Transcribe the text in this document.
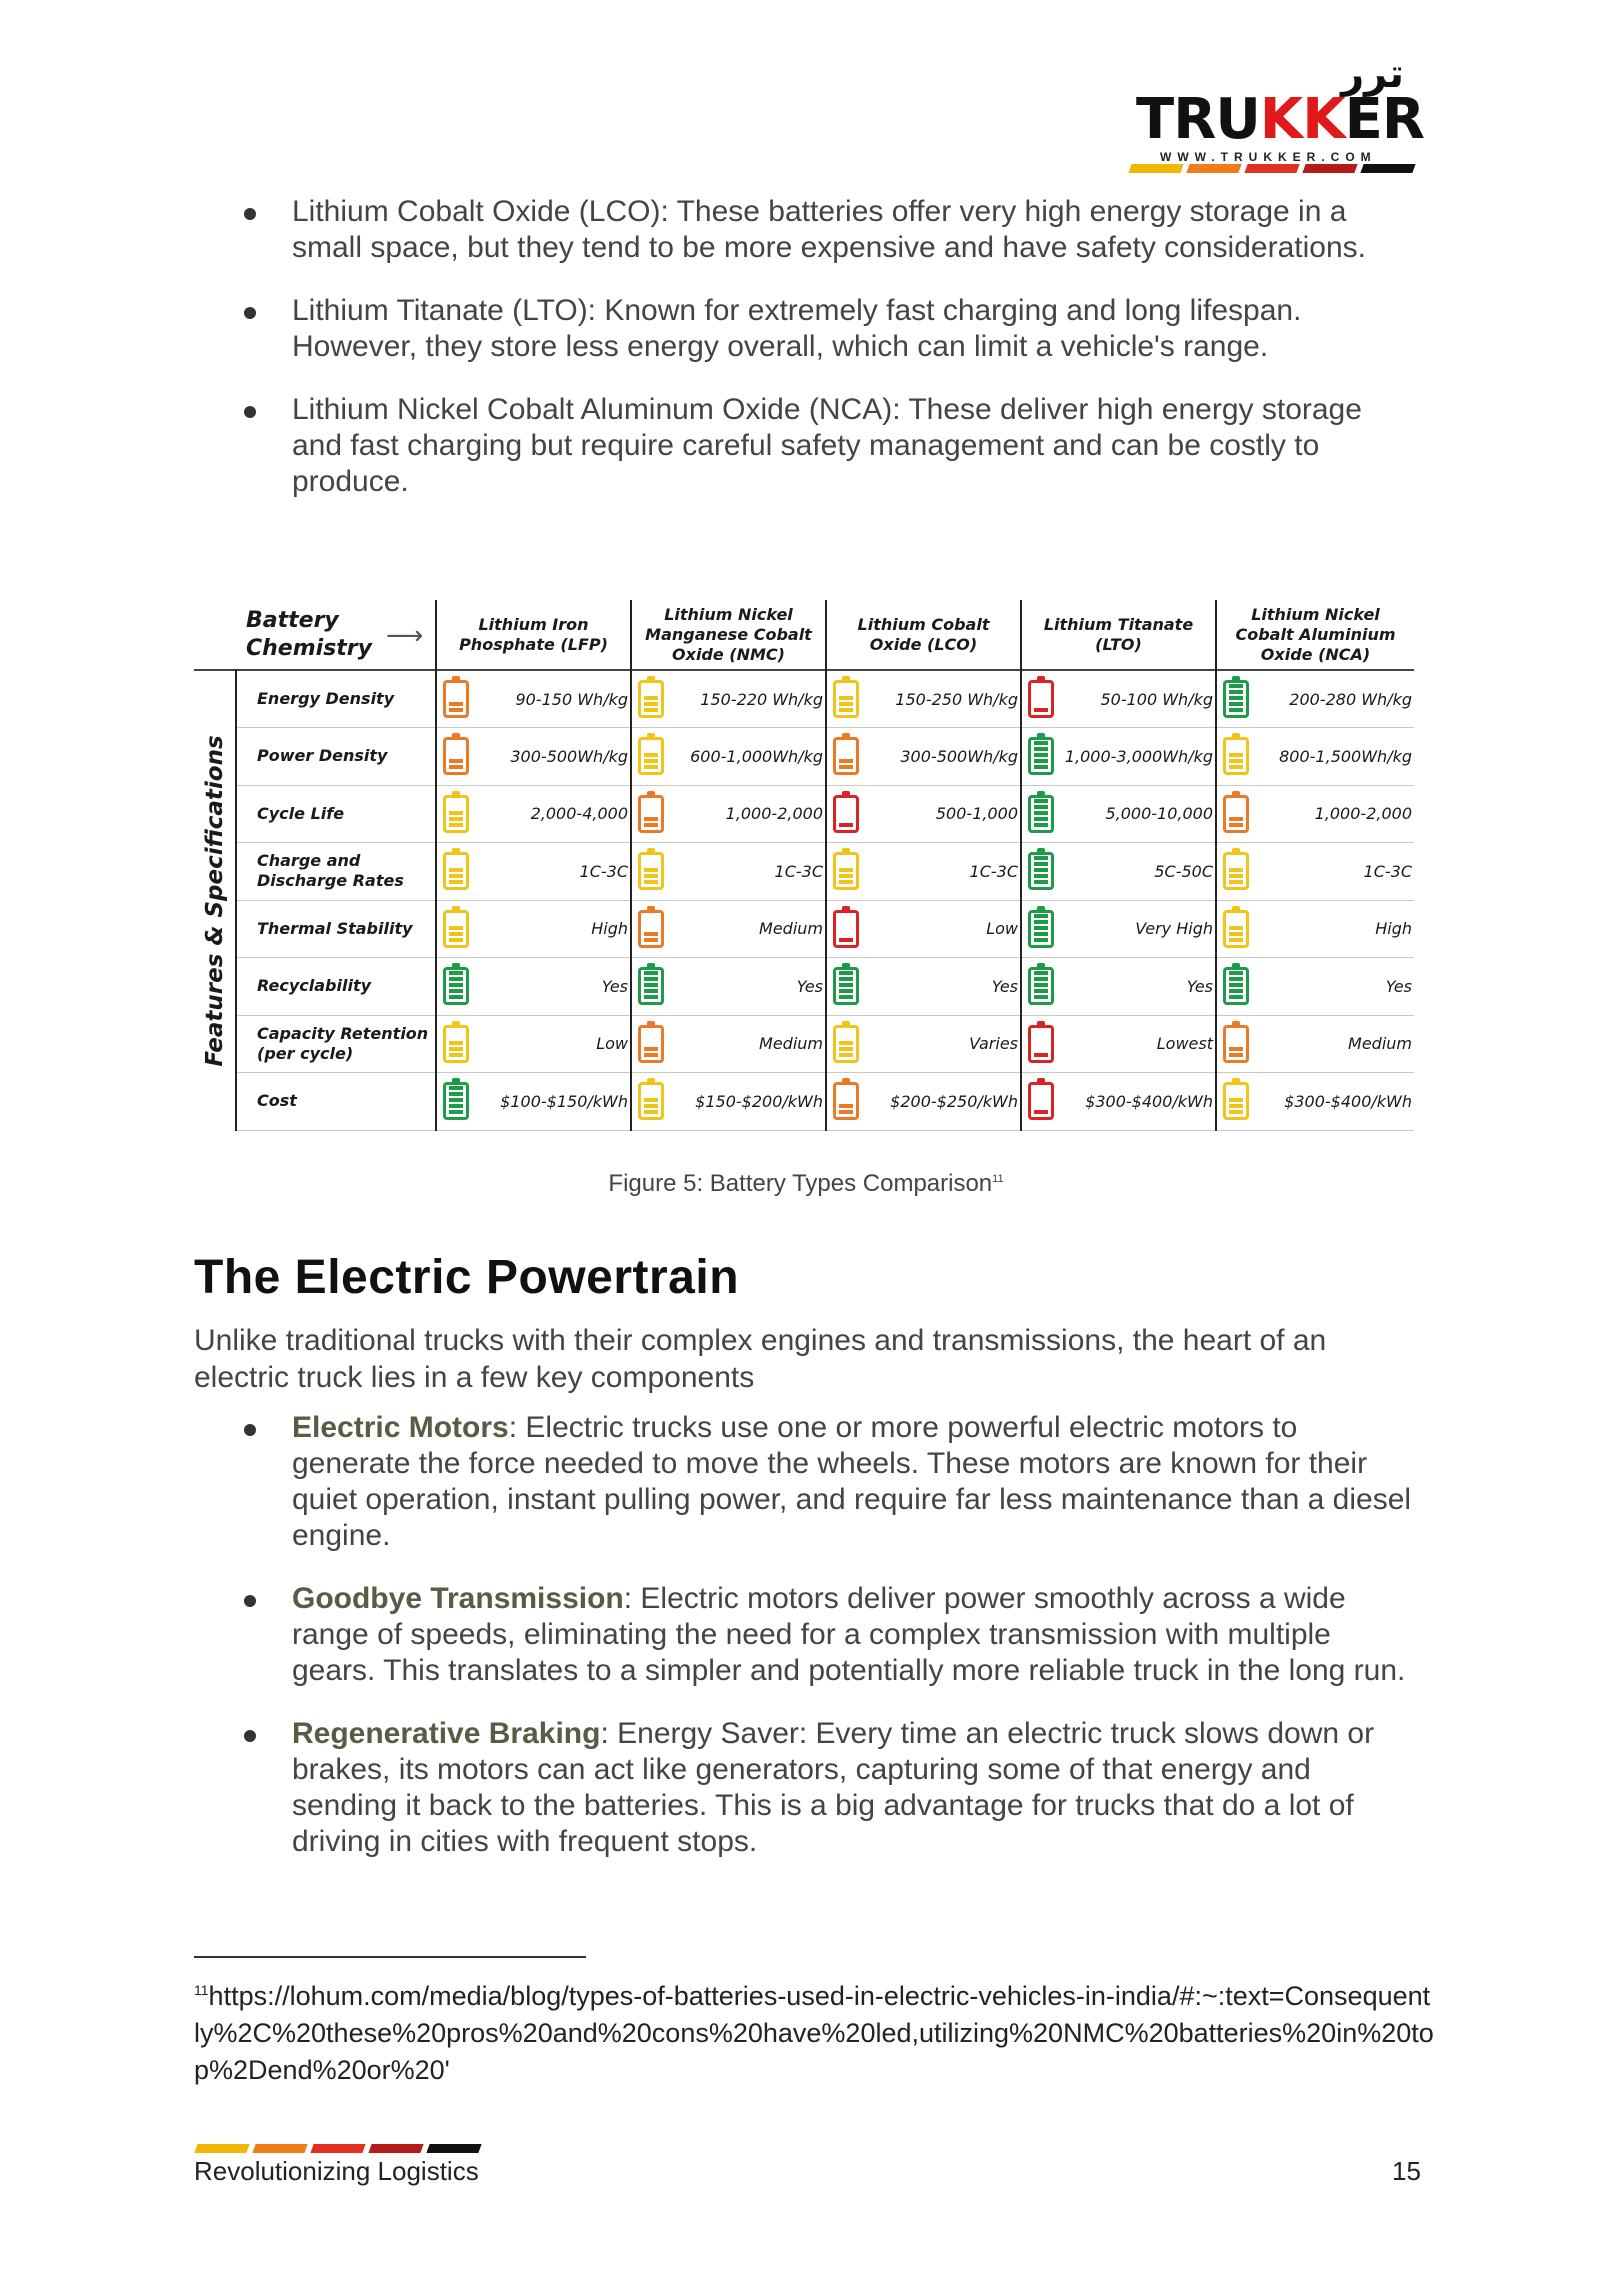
ترر
TRUKKER
WWW.TRUKKER.COM
Lithium Cobalt Oxide (LCO): These batteries offer very high energy storage in a small space, but they tend to be more expensive and have safety considerations.
Lithium Titanate (LTO): Known for extremely fast charging and long lifespan. However, they store less energy overall, which can limit a vehicle's range.
Lithium Nickel Cobalt Aluminum Oxide (NCA): These deliver high energy storage and fast charging but require careful safety management and can be costly to produce.
Battery
Chemistry ⟶		Lithium Iron Phosphate (LFP)	Lithium Nickel Manganese Cobalt Oxide (NMC)	Lithium Cobalt Oxide (LCO)	Lithium Titanate (LTO)	Lithium Nickel Cobalt Aluminium Oxide (NCA)

Features & Specifications	Energy Density	90-150 Wh/kg	150-220 Wh/kg	150-250 Wh/kg	50-100 Wh/kg	200-280 Wh/kg

	Power Density	300-500Wh/kg	600-1,000Wh/kg	300-500Wh/kg	1,000-3,000Wh/kg	800-1,500Wh/kg

	Cycle Life	2,000-4,000	1,000-2,000	500-1,000	5,000-10,000	1,000-2,000

	Charge and Discharge Rates	1C-3C	1C-3C	1C-3C	5C-50C	1C-3C

	Thermal Stability	High	Medium	Low	Very High	High

	Recyclability	Yes	Yes	Yes	Yes	Yes

	Capacity Retention (per cycle)	Low	Medium	Varies	Lowest	Medium

	Cost	$100-$150/kWh	$150-$200/kWh	$200-$250/kWh	$300-$400/kWh	$300-$400/kWh
Figure 5: Battery Types Comparison$^{11}$
The Electric Powertrain
Unlike traditional trucks with their complex engines and transmissions, the heart of an electric truck lies in a few key components
Electric Motors: Electric trucks use one or more powerful electric motors to generate the force needed to move the wheels. These motors are known for their quiet operation, instant pulling power, and require far less maintenance than a diesel engine.
Goodbye Transmission: Electric motors deliver power smoothly across a wide range of speeds, eliminating the need for a complex transmission with multiple gears. This translates to a simpler and potentially more reliable truck in the long run.
Regenerative Braking: Energy Saver: Every time an electric truck slows down or brakes, its motors can act like generators, capturing some of that energy and sending it back to the batteries. This is a big advantage for trucks that do a lot of driving in cities with frequent stops.
$^{11}$https://lohum.com/media/blog/types-of-batteries-used-in-electric-vehicles-in-india/#:~:text=Consequently%2C%20these%20pros%20and%20cons%20have%20led,utilizing%20NMC%20batteries%20in%20top%2Dend%20or%20'
Revolutionizing Logistics	15
